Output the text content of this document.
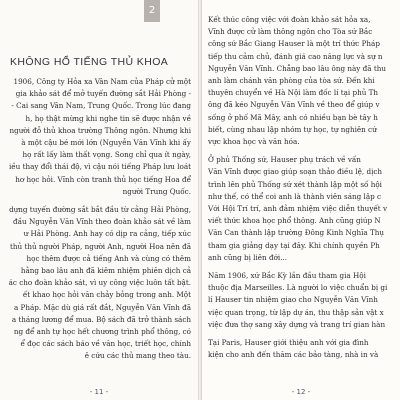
KHÔNG HỔ TIẾNG THỦ KHOA
1906, Công ty Hỏa xa Vân Nam của Pháp cử một
gia khảo sát để mở tuyến đường sắt Hải Phòng -
- Cai sang Vân Nam, Trung Quốc. Trong lúc đang
h, họ thật mừng khi nghe tin sẽ được nhận về
người đỗ thủ khoa trường Thông ngôn. Nhưng khi
à một cậu bé mới lớn (Nguyễn Văn Vĩnh khi ấy
họ rất lấy làm thất vọng. Song chỉ qua ít ngày,
iều thay đổi thái độ, vì cậu nói tiếng Pháp lưu loát
hơ học hỏi. Vĩnh còn tranh thủ học tiếng Hoa để
người Trung Quốc.
dựng tuyến đường sắt bắt đầu từ cảng Hải Phòng,
đầu Nguyễn Văn Vĩnh theo đoàn khảo sát về làm
ư Hải Phòng. Anh hay có dịp ra cảng, tiếp xúc
thủ thủ người Pháp, người Anh, người Hoa nên đã
học thêm được cả tiếng Anh và cùng có thêm
hằng bao lâu anh đã kiêm nhiệm phiên dịch cả
ác cho đoàn khảo sát, vì uy công việc luôn tất bật.
ết khao học hỏi văn chảy bỏng trong anh. Một
a Pháp. Mặc dù giá rất đắt, Nguyễn Văn Vĩnh đã
a tháng lương để mua. Bộ sách đã trở thành sách
ng để anh tự học hết chương trình phổ thông, có
ể đọc các sách báo về văn học, triết học, chính
ê cứu các thủ mang theo tàu.
- 11 -
Kết thúc công việc với đoàn khảo sát hỏa xa,
Vĩnh được cử làm thông ngôn cho Tòa sứ Bắc
công sứ Bắc Giang Hauser là một trí thức Pháp
tiếp thu cảm chủ, đánh giá cao năng lực và sự n
Nguyễn Văn Vĩnh. Chẳng bao lâu ông này đã thu
anh làm chánh văn phòng của tòa sứ. Đến khi
thuyên chuyển về Hà Nội làm đốc lí tại phủ Th
ông đã kéo Nguyễn Văn Vĩnh về theo để giúp v
sống ở phố Mã Mây, anh có nhiều bạn bè tây h
biết, cùng nhau lập nhóm tự học, tự nghiên cứ
vực khoa học và văn hóa.
Ở phủ Thống sứ, Hauser phụ trách về vấn
Văn Vĩnh được giao giúp soạn thảo điều lệ, dịch
trình lên phủ Thống sứ xét thành lập một số hội
như thế, có thể coi anh là thành viên sáng lập c
Với Hội Trí trí, anh đảm nhiệm việc diễn thuyết v
viết thức khoa học phổ thông. Anh cũng giúp N
Văn Can thành lập trường Đông Kinh Nghĩa Thụ
tham gia giảng dạy tại đây. Khi chính quyền Ph
anh cũng bị liên đới...
Năm 1906, xứ Bắc Kỳ lần đầu tham gia Hội
thuộc địa Marseilles. Là người lo việc chuẩn bị gi
lí Hauser tin nhiệm giao cho Nguyễn Văn Vĩnh
việc quan trọng, từ lập dự án, thu thập sản vật x
việc đưa thợ sang xây dựng và trang trí gian hàn
Tại Paris, Hauser giới thiệu anh với gia đình
kiện cho anh đến thăm các bảo tàng, nhà in và
- 12 -
2
